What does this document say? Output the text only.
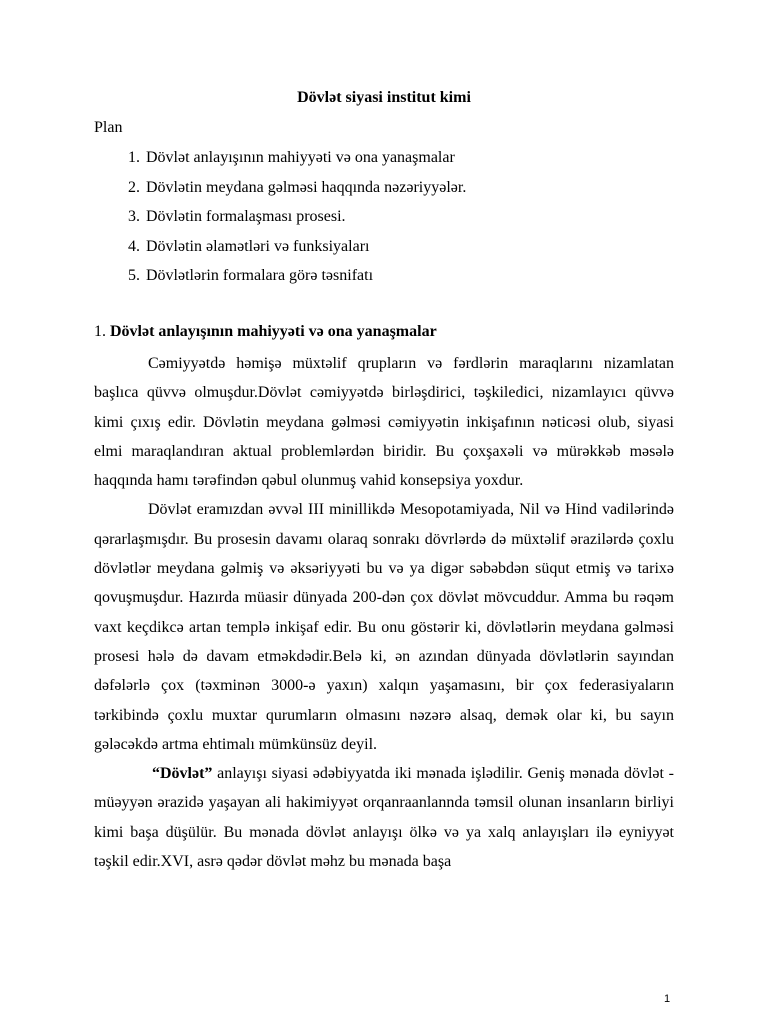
Dövlət siyasi institut kimi
Plan
1. Dövlət anlayışının mahiyyəti və ona yanaşmalar
2. Dövlətin meydana gəlməsi haqqında nəzəriyyələr.
3. Dövlətin formalaşması prosesi.
4. Dövlətin əlamətləri və funksiyaları
5. Dövlətlərin formalara görə təsnifatı
1. Dövlət anlayışının mahiyyəti və ona yanaşmalar

Cəmiyyətdə həmişə müxtəlif qrupların və fərdlərin maraqlarını nizamlatan başlıca qüvvə olmuşdur.Dövlət cəmiyyətdə birləşdirici, təşkiledici, nizamlayıcı qüvvə kimi çıxış edir. Dövlətin meydana gəlməsi cəmiyyətin inkişafının nəticəsi olub, siyasi elmi maraqlandıran aktual problemlərdən biridir. Bu çoxşaxəli və mürəkkəb məsələ haqqında hamı tərəfindən qəbul olunmuş vahid konsepsiya yoxdur.

Dövlət eramızdan əvvəl III minillikdə Mesopotamiyada, Nil və Hind vadilərində qərarlaşmışdır. Bu prosesin davamı olaraq sonrakı dövrlərdə də müxtəlif ərazilərdə çoxlu dövlətlər meydana gəlmiş və əksəriyyəti bu və ya digər səbəbdən süqut etmiş və tarixə qovuşmuşdur. Hazırda müasir dünyada 200-dən çox dövlət mövcuddur. Amma bu rəqəm vaxt keçdikcə artan templə inkişaf edir. Bu onu göstərir ki, dövlətlərin meydana gəlməsi prosesi hələ də davam etməkdədir.Belə ki, ən azından dünyada dövlətlərin sayından dəfələrlə çox (təxminən 3000-ə yaxın) xalqın yaşamasını, bir çox federasiyaların tərkibində çoxlu muxtar qurumların olmasını nəzərə alsaq, demək olar ki, bu sayın gələcəkdə artma ehtimalı mümkünsüz deyil.

“Dövlət” anlayışı siyasi ədəbiyyatda iki mənada işlədilir. Geniş mənada dövlət - müəyyən ərazidə yaşayan ali hakimiyyət orqanraanlannda təmsil olunan insanların birliyi kimi başa düşülür. Bu mənada dövlət anlayışı ölkə və ya xalq anlayışları ilə eyniyyət təşkil edir.XVI, asrə qədər dövlət məhz bu mənada başa

1
